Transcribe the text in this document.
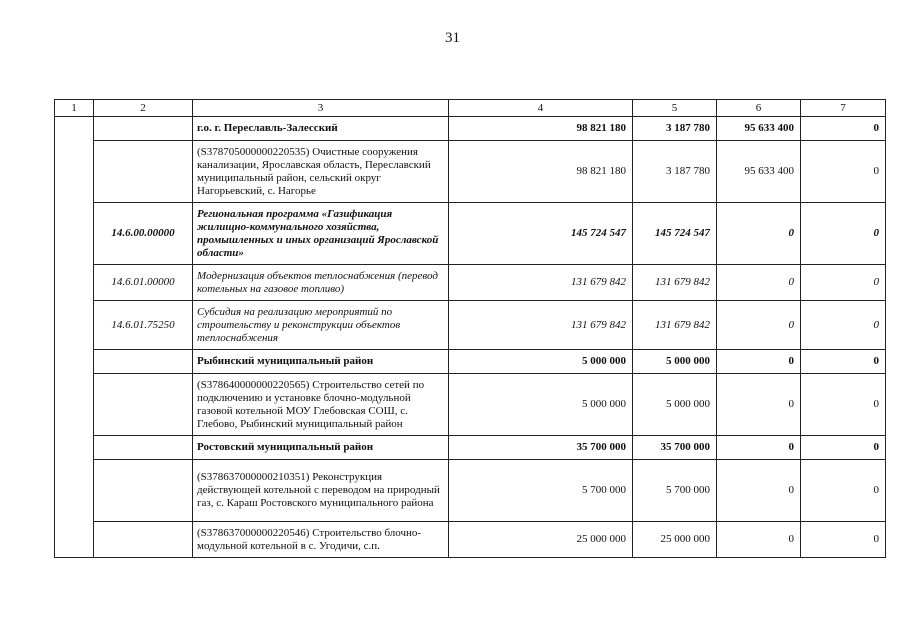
31
1	2	3	4	5	6	7
		г.о. г. Переславль-Залесский	98 821 180	3 187 780	95 633 400	0
		(S378705000000220535) Очистные сооружения канализации, Ярославская область, Переславский муниципальный район, сельский округ Нагорьевский, с. Нагорье	98 821 180	3 187 780	95 633 400	0
	14.6.00.00000	Региональная программа «Газификация жилищно-коммунального хозяйства, промышленных и иных организаций Ярославской области»	145 724 547	145 724 547	0	0
	14.6.01.00000	Модернизация объектов теплоснабжения (перевод котельных на газовое топливо)	131 679 842	131 679 842	0	0
	14.6.01.75250	Субсидия на реализацию мероприятий по строительству и реконструкции объектов теплоснабжения	131 679 842	131 679 842	0	0
		Рыбинский муниципальный район	5 000 000	5 000 000	0	0
		(S378640000000220565) Строительство сетей по подключению и установке блочно-модульной газовой котельной МОУ Глебовская СОШ, с. Глебово, Рыбинский муниципальный район	5 000 000	5 000 000	0	0
		Ростовский муниципальный район	35 700 000	35 700 000	0	0
		(S378637000000210351) Реконструкция действующей котельной с переводом на природный газ, с. Караш Ростовского муниципального района	5 700 000	5 700 000	0	0
		(S378637000000220546) Строительство блочно-модульной котельной в с. Угодичи, с.п.	25 000 000	25 000 000	0	0
